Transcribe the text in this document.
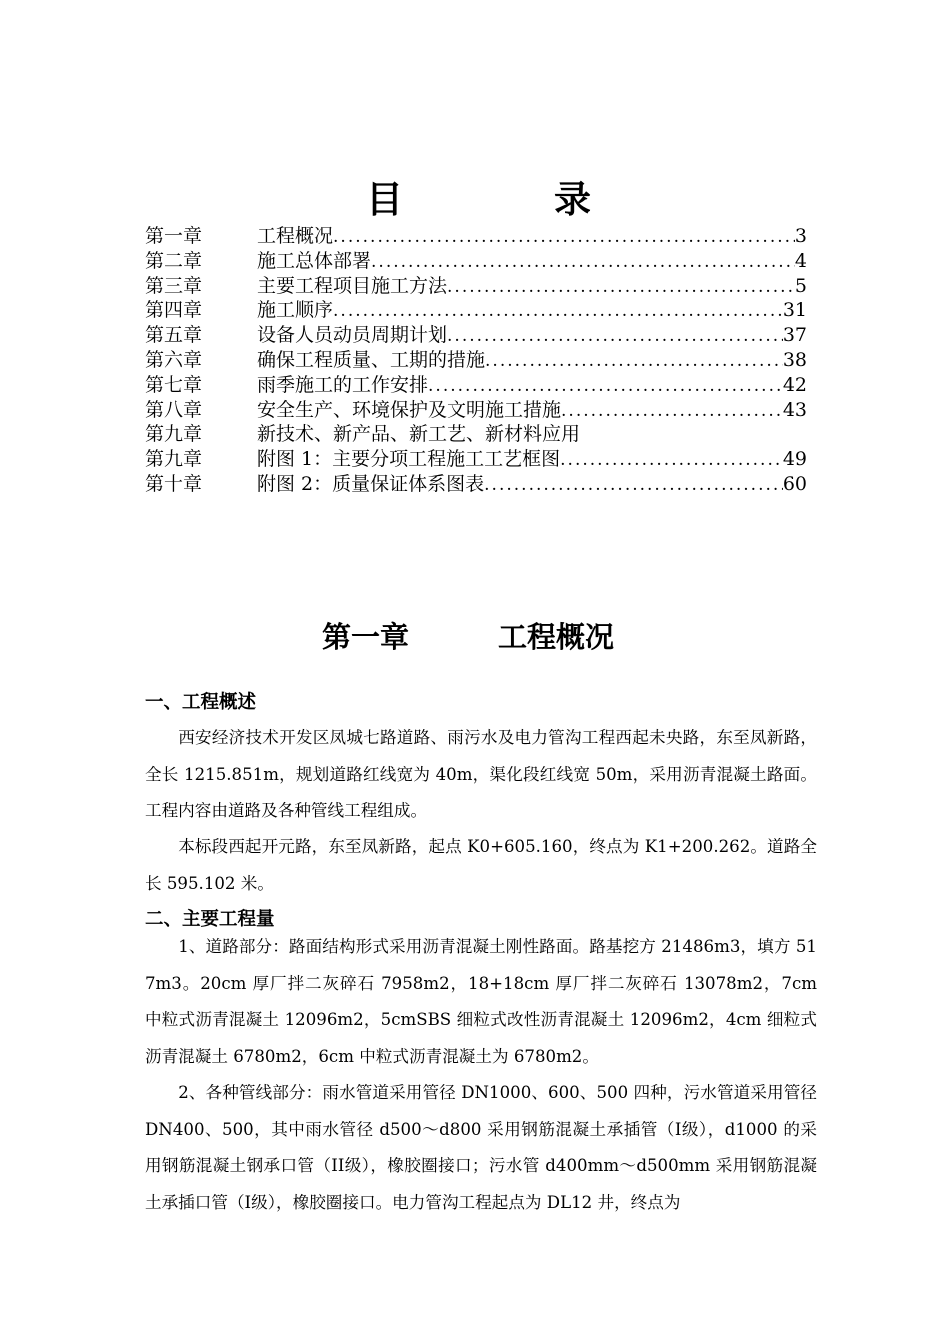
目	录
第一章	工程概况 .....	3
第二章	施工总体部署 .....	4
第三章	主要工程项目施工方法 .....	5
第四章	施工顺序 .....	31
第五章	设备人员动员周期计划 .....	37
第六章	确保工程质量、工期的措施 .....	38
第七章	雨季施工的工作安排 .....	42
第八章	安全生产、环境保护及文明施工措施 .....	43
第九章	新技术、新产品、新工艺、新材料应用
第九章	附图 1：主要分项工程施工工艺框图 .....	49
第十章	附图 2：质量保证体系图表 .....	60
第一章	工程概况
一、工程概述

西安经济技术开发区凤城七路道路、雨污水及电力管沟工程西起未央路，东至凤新路，全长 1215.851m，规划道路红线宽为 40m，渠化段红线宽 50m，采用沥青混凝土路面。工程内容由道路及各种管线工程组成。

本标段西起开元路，东至凤新路，起点 K0+605.160，终点为 K1+200.262。道路全长 595.102 米。

二、主要工程量

1、道路部分：路面结构形式采用沥青混凝土刚性路面。路基挖方 21486m3，填方 517m3。20cm 厚厂拌二灰碎石 7958m2，18+18cm 厚厂拌二灰碎石 13078m2，7cm 中粒式沥青混凝土 12096m2，5cmSBS 细粒式改性沥青混凝土 12096m2，4cm 细粒式沥青混凝土 6780m2，6cm 中粒式沥青混凝土为 6780m2。

2、各种管线部分：雨水管道采用管径 DN1000、600、500 四种，污水管道采用管径 DN400、500，其中雨水管径 d500～d800 采用钢筋混凝土承插管（I级），d1000 的采用钢筋混凝土钢承口管（II级），橡胶圈接口；污水管 d400mm～d500mm 采用钢筋混凝土承插口管（I级），橡胶圈接口。电力管沟工程起点为 DL12 井，终点为
